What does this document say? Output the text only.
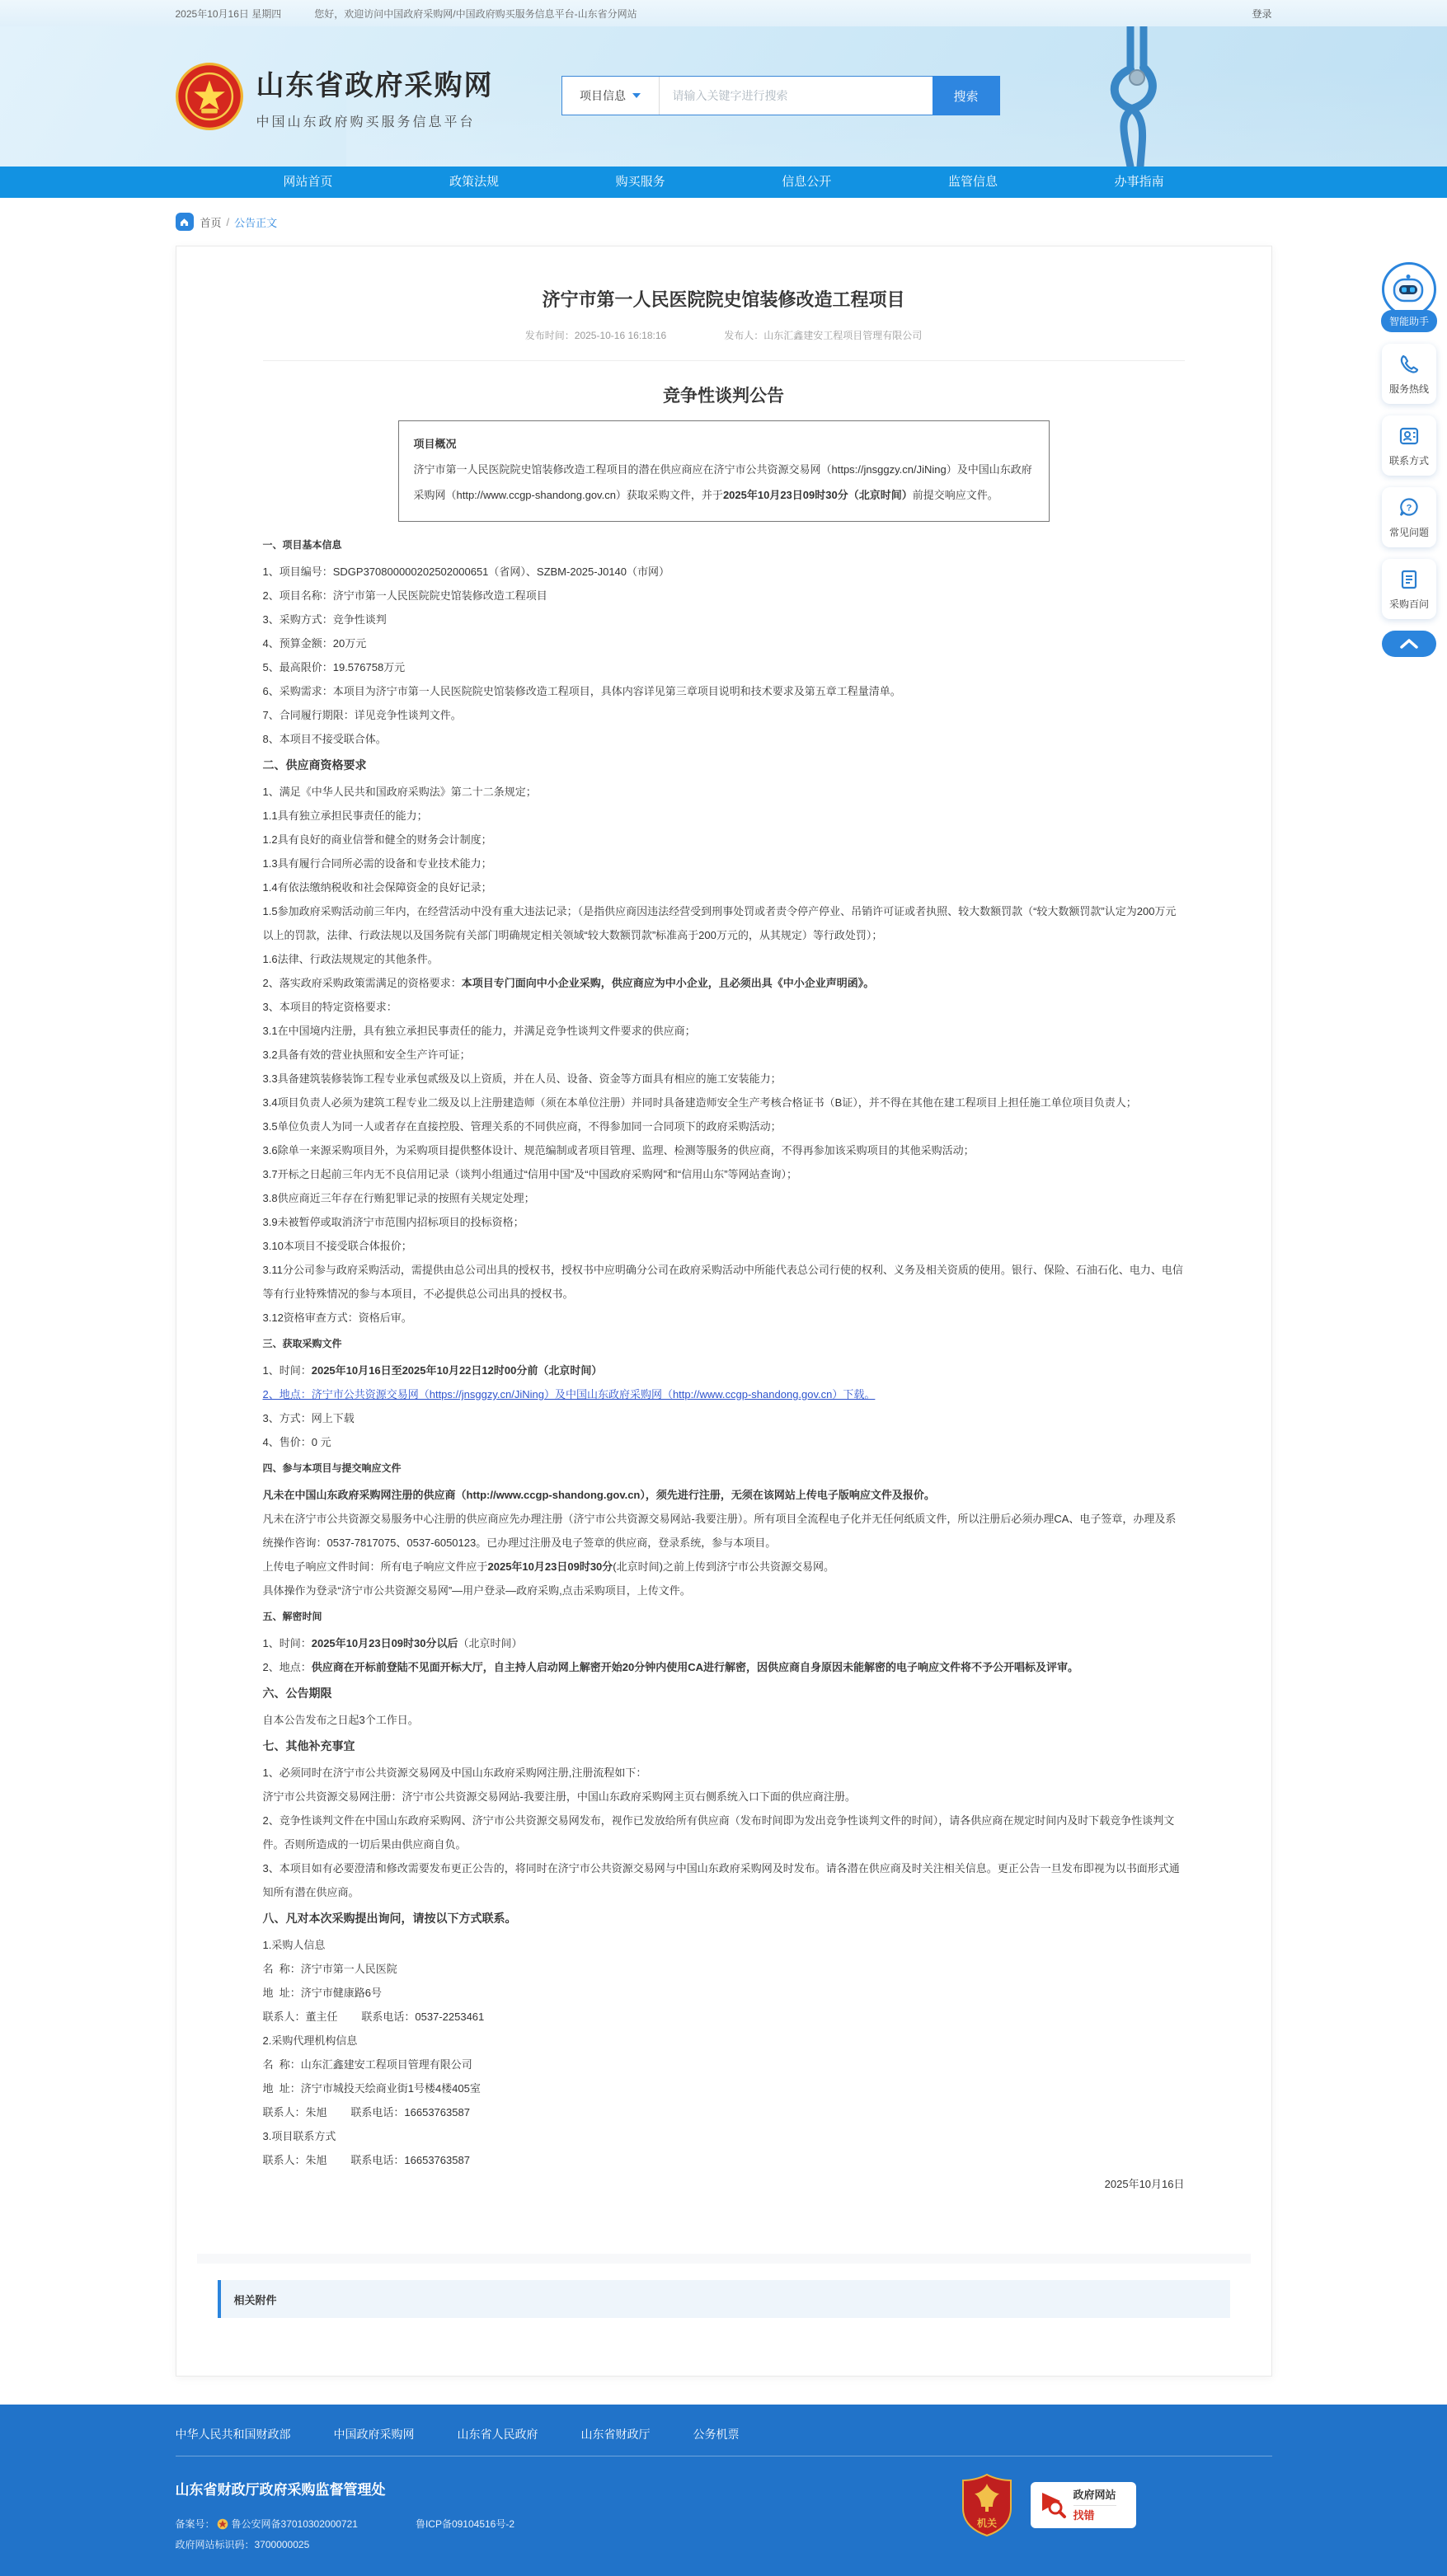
2025年10月16日 星期四	您好，欢迎访问中国政府采购网/中国政府购买服务信息平台-山东省分网站	登录
山东省政府采购网
中国山东政府购买服务信息平台
项目信息
请输入关键字进行搜索	搜索
网站首页	政策法规	购买服务	信息公开	监管信息	办事指南
首页 / 公告正文
济宁市第一人民医院院史馆装修改造工程项目
发布时间：2025-10-16 16:18:16	发布人：山东汇鑫建安工程项目管理有限公司
竞争性谈判公告
项目概况
济宁市第一人民医院院史馆装修改造工程项目的潜在供应商应在济宁市公共资源交易网（https://jnsggzy.cn/JiNing）及中国山东政府采购网（http://www.ccgp-shandong.gov.cn）获取采购文件，并于2025年10月23日09时30分（北京时间）前提交响应文件。
一、项目基本信息
1、项目编号：SDGP370800000202502000651（省网）、SZBM-2025-J0140（市网）
2、项目名称：济宁市第一人民医院院史馆装修改造工程项目
3、采购方式：竞争性谈判
4、预算金额：20万元
5、最高限价：19.576758万元
6、采购需求：本项目为济宁市第一人民医院院史馆装修改造工程项目，具体内容详见第三章项目说明和技术要求及第五章工程量清单。
7、合同履行期限：详见竞争性谈判文件。
8、本项目不接受联合体。
二、供应商资格要求
1、满足《中华人民共和国政府采购法》第二十二条规定；
1.1具有独立承担民事责任的能力；
1.2具有良好的商业信誉和健全的财务会计制度；
1.3具有履行合同所必需的设备和专业技术能力；
1.4有依法缴纳税收和社会保障资金的良好记录；
1.5参加政府采购活动前三年内，在经营活动中没有重大违法记录；（是指供应商因违法经营受到刑事处罚或者责令停产停业、吊销许可证或者执照、较大数额罚款（“较大数额罚款”认定为200万元以上的罚款，法律、行政法规以及国务院有关部门明确规定相关领域“较大数额罚款”标准高于200万元的，从其规定）等行政处罚）；
1.6法律、行政法规规定的其他条件。
2、落实政府采购政策需满足的资格要求：本项目专门面向中小企业采购，供应商应为中小企业，且必须出具《中小企业声明函》。
3、本项目的特定资格要求：
3.1在中国境内注册，具有独立承担民事责任的能力，并满足竞争性谈判文件要求的供应商；
3.2具备有效的营业执照和安全生产许可证；
3.3具备建筑装修装饰工程专业承包贰级及以上资质，并在人员、设备、资金等方面具有相应的施工安装能力；
3.4项目负责人必须为建筑工程专业二级及以上注册建造师（须在本单位注册）并同时具备建造师安全生产考核合格证书（B证），并不得在其他在建工程项目上担任施工单位项目负责人；
3.5单位负责人为同一人或者存在直接控股、管理关系的不同供应商，不得参加同一合同项下的政府采购活动；
3.6除单一来源采购项目外，为采购项目提供整体设计、规范编制或者项目管理、监理、检测等服务的供应商，不得再参加该采购项目的其他采购活动；
3.7开标之日起前三年内无不良信用记录（谈判小组通过“信用中国”及“中国政府采购网”和“信用山东”等网站查询）；
3.8供应商近三年存在行贿犯罪记录的按照有关规定处理；
3.9未被暂停或取消济宁市范围内招标项目的投标资格；
3.10本项目不接受联合体报价；
3.11分公司参与政府采购活动，需提供由总公司出具的授权书，授权书中应明确分公司在政府采购活动中所能代表总公司行使的权利、义务及相关资质的使用。银行、保险、石油石化、电力、电信等有行业特殊情况的参与本项目，不必提供总公司出具的授权书。
3.12资格审查方式：资格后审。
三、获取采购文件
1、时间：2025年10月16日至2025年10月22日12时00分前（北京时间）
2、地点：济宁市公共资源交易网（https://jnsggzy.cn/JiNing）及中国山东政府采购网（http://www.ccgp-shandong.gov.cn）下载。
3、方式：网上下载
4、售价：0 元
四、参与本项目与提交响应文件
凡未在中国山东政府采购网注册的供应商（http://www.ccgp-shandong.gov.cn），须先进行注册，无须在该网站上传电子版响应文件及报价。
凡未在济宁市公共资源交易服务中心注册的供应商应先办理注册（济宁市公共资源交易网站-我要注册）。所有项目全流程电子化并无任何纸质文件，所以注册后必须办理CA、电子签章，办理及系统操作咨询：0537-7817075、0537-6050123。已办理过注册及电子签章的供应商，登录系统，参与本项目。
上传电子响应文件时间：所有电子响应文件应于2025年10月23日09时30分(北京时间)之前上传到济宁市公共资源交易网。
具体操作为登录“济宁市公共资源交易网”—用户登录—政府采购,点击采购项目，上传文件。
五、解密时间
1、时间：2025年10月23日09时30分以后（北京时间）
2、地点：供应商在开标前登陆不见面开标大厅，自主持人启动网上解密开始20分钟内使用CA进行解密，因供应商自身原因未能解密的电子响应文件将不予公开唱标及评审。
六、公告期限
自本公告发布之日起3个工作日。
七、其他补充事宜
1、必须同时在济宁市公共资源交易网及中国山东政府采购网注册,注册流程如下：
济宁市公共资源交易网注册：济宁市公共资源交易网站-我要注册，中国山东政府采购网主页右侧系统入口下面的供应商注册。
2、竞争性谈判文件在中国山东政府采购网、济宁市公共资源交易网发布，视作已发放给所有供应商（发布时间即为发出竞争性谈判文件的时间），请各供应商在规定时间内及时下载竞争性谈判文件。否则所造成的一切后果由供应商自负。
3、本项目如有必要澄清和修改需要发布更正公告的，将同时在济宁市公共资源交易网与中国山东政府采购网及时发布。请各潜在供应商及时关注相关信息。更正公告一旦发布即视为以书面形式通知所有潜在供应商。
八、凡对本次采购提出询问，请按以下方式联系。
1.采购人信息
名  称：济宁市第一人民医院
地  址：济宁市健康路6号
联系人：董主任        联系电话：0537-2253461
2.采购代理机构信息
名  称：山东汇鑫建安工程项目管理有限公司
地  址：济宁市城投天绘商业街1号楼4楼405室
联系人：朱旭        联系电话：16653763587
3.项目联系方式
联系人：朱旭        联系电话：16653763587
2025年10月16日
相关附件
中华人民共和国财政部	中国政府采购网	山东省人民政府	山东省财政厅	公务机票
山东省财政厅政府采购监督管理处
备案号： 鲁公安网备37010302000721	鲁ICP备09104516号-2
政府网站标识码：3700000025
机关
政府网站
找错
智能助手
服务热线
联系方式
?
常见问题
采购百问
